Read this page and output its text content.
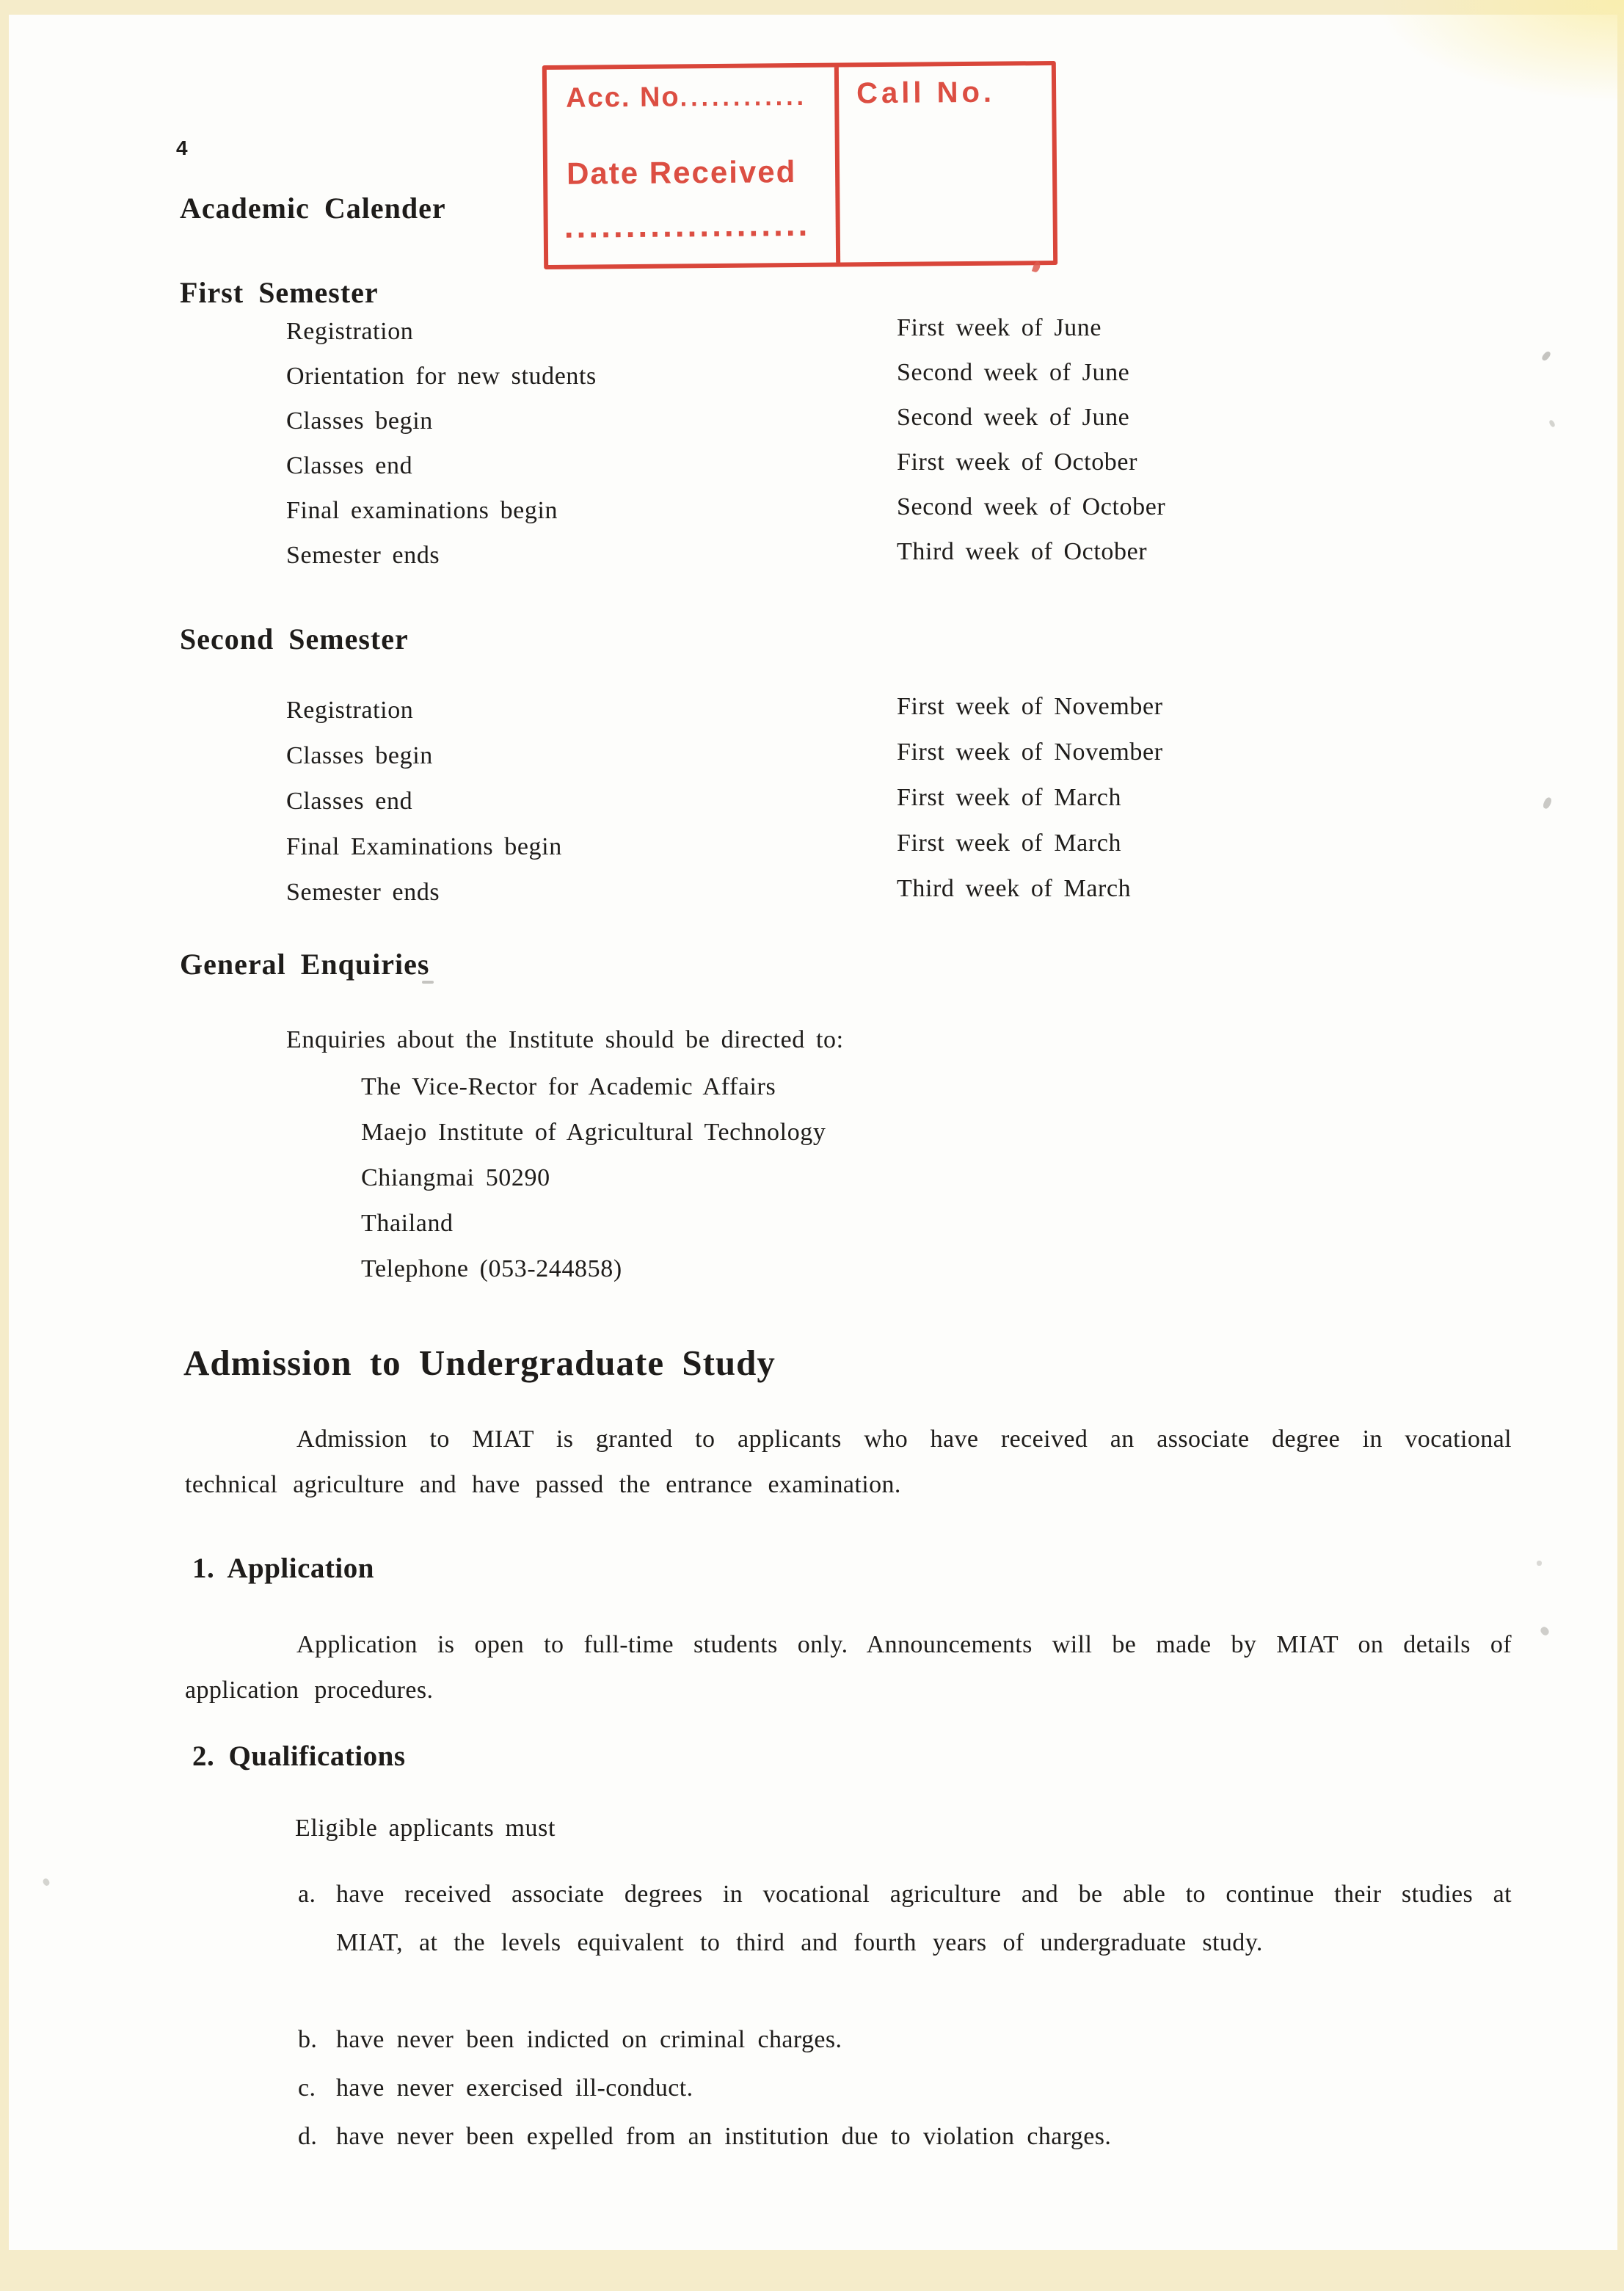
4
Acc. No............
Date Received
....................
Call No.
Academic Calender
First Semester
Registration	First week of June
Orientation for new students	Second week of June
Classes begin	Second week of June
Classes end	First week of October
Final examinations begin	Second week of October
Semester ends	Third week of October
Second Semester
Registration	First week of November
Classes begin	First week of November
Classes end	First week of March
Final Examinations begin	First week of March
Semester ends	Third week of March
General Enquiries
Enquiries about the Institute should be directed to:
The Vice-Rector for Academic Affairs
Maejo Institute of Agricultural Technology
Chiangmai 50290
Thailand
Telephone (053-244858)
Admission to Undergraduate Study
Admission to MIAT is granted to applicants who have received an associate degree in vocational technical agriculture and have passed the entrance examination.
1. Application
Application is open to full-time students only. Announcements will be made by MIAT on details of application procedures.
2. Qualifications
Eligible applicants must
a. have received associate degrees in vocational agriculture and be able to continue their studies at MIAT, at the levels equivalent to third and fourth years of undergraduate study.
b. have never been indicted on criminal charges.
c. have never exercised ill-conduct.
d. have never been expelled from an institution due to violation charges.
